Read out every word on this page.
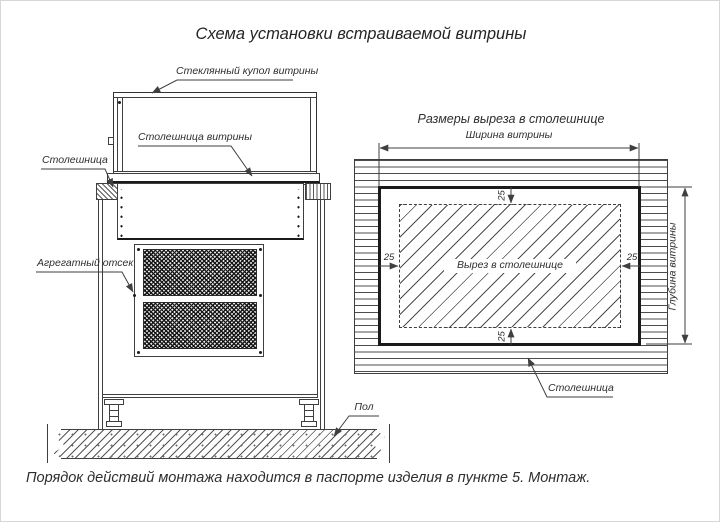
Схема установки встраиваемой витрины
Вырез в столешнице
Размеры выреза в столешнице
Ширина витрины
Глубина витрины
25
25
25	25
Стеклянный купол витрины
Столешница витрины
Столешница
Агрегатный отсек
Пол
Столешница
Порядок действий монтажа находится в паспорте изделия в пункте 5. Монтаж.
